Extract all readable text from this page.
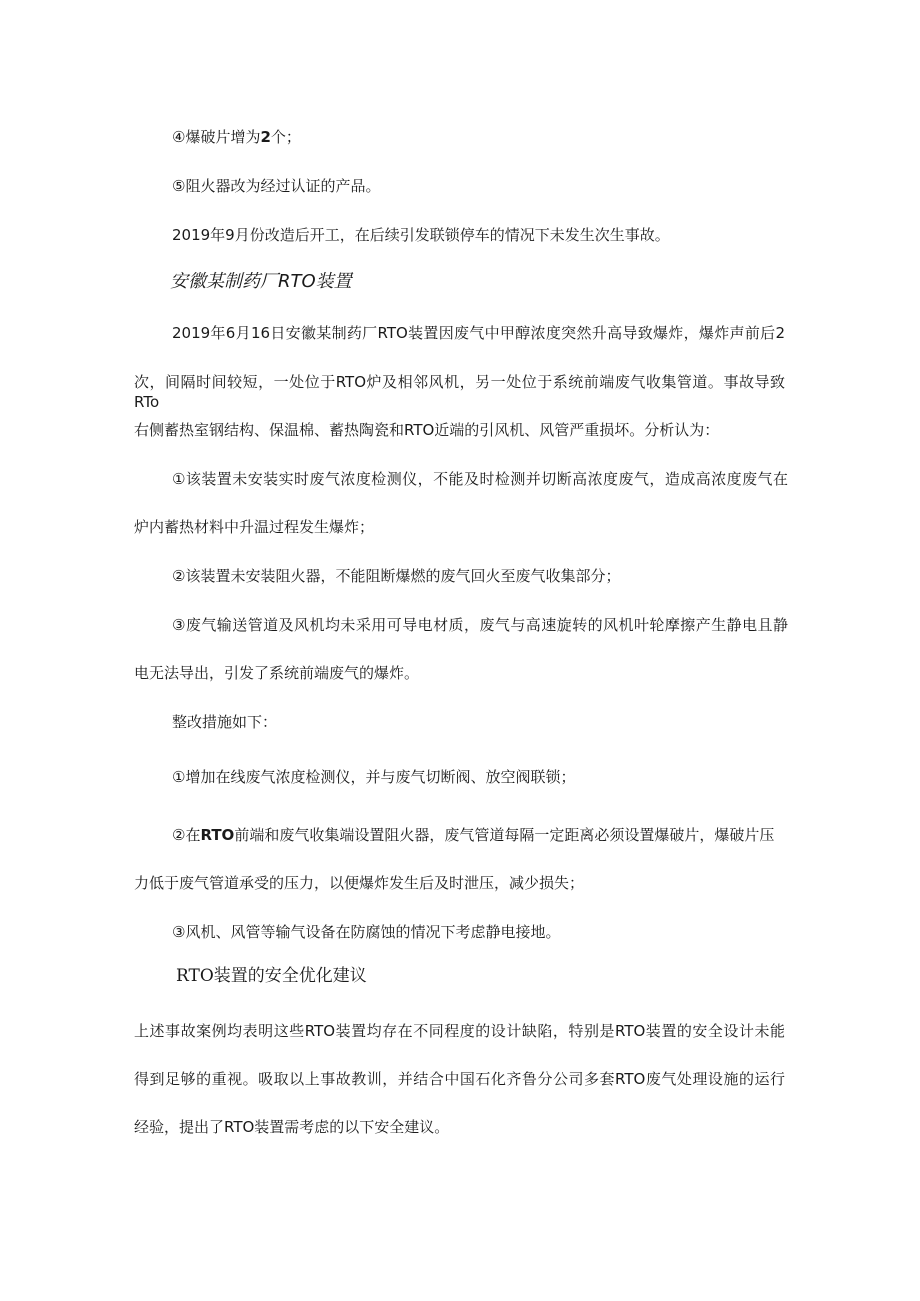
④爆破片增为2个；

⑤阻火器改为经过认证的产品。

2019年9月份改造后开工，在后续引发联锁停车的情况下未发生次生事故。

安徽某制药厂RTO装置

2019年6月16日安徽某制药厂RTO装置因废气中甲醇浓度突然升高导致爆炸，爆炸声前后2

次，间隔时间较短，一处位于RTO炉及相邻风机，另一处位于系统前端废气收集管道。事故导致RTo

右侧蓄热室钢结构、保温棉、蓄热陶瓷和RTO近端的引风机、风管严重损坏。分析认为：

①该装置未安装实时废气浓度检测仪，不能及时检测并切断高浓度废气，造成高浓度废气在

炉内蓄热材料中升温过程发生爆炸；

②该装置未安装阻火器，不能阻断爆燃的废气回火至废气收集部分；

③废气输送管道及风机均未采用可导电材质，废气与高速旋转的风机叶轮摩擦产生静电且静

电无法导出，引发了系统前端废气的爆炸。

整改措施如下：

①增加在线废气浓度检测仪，并与废气切断阀、放空阀联锁；

②在RTO前端和废气收集端设置阻火器，废气管道每隔一定距离必须设置爆破片，爆破片压

力低于废气管道承受的压力，以便爆炸发生后及时泄压，减少损失；

③风机、风管等输气设备在防腐蚀的情况下考虑静电接地。

RTO装置的安全优化建议

上述事故案例均表明这些RTO装置均存在不同程度的设计缺陷，特别是RTO装置的安全设计未能

得到足够的重视。吸取以上事故教训，并结合中国石化齐鲁分公司多套RTO废气处理设施的运行

经验，提出了RTO装置需考虑的以下安全建议。
